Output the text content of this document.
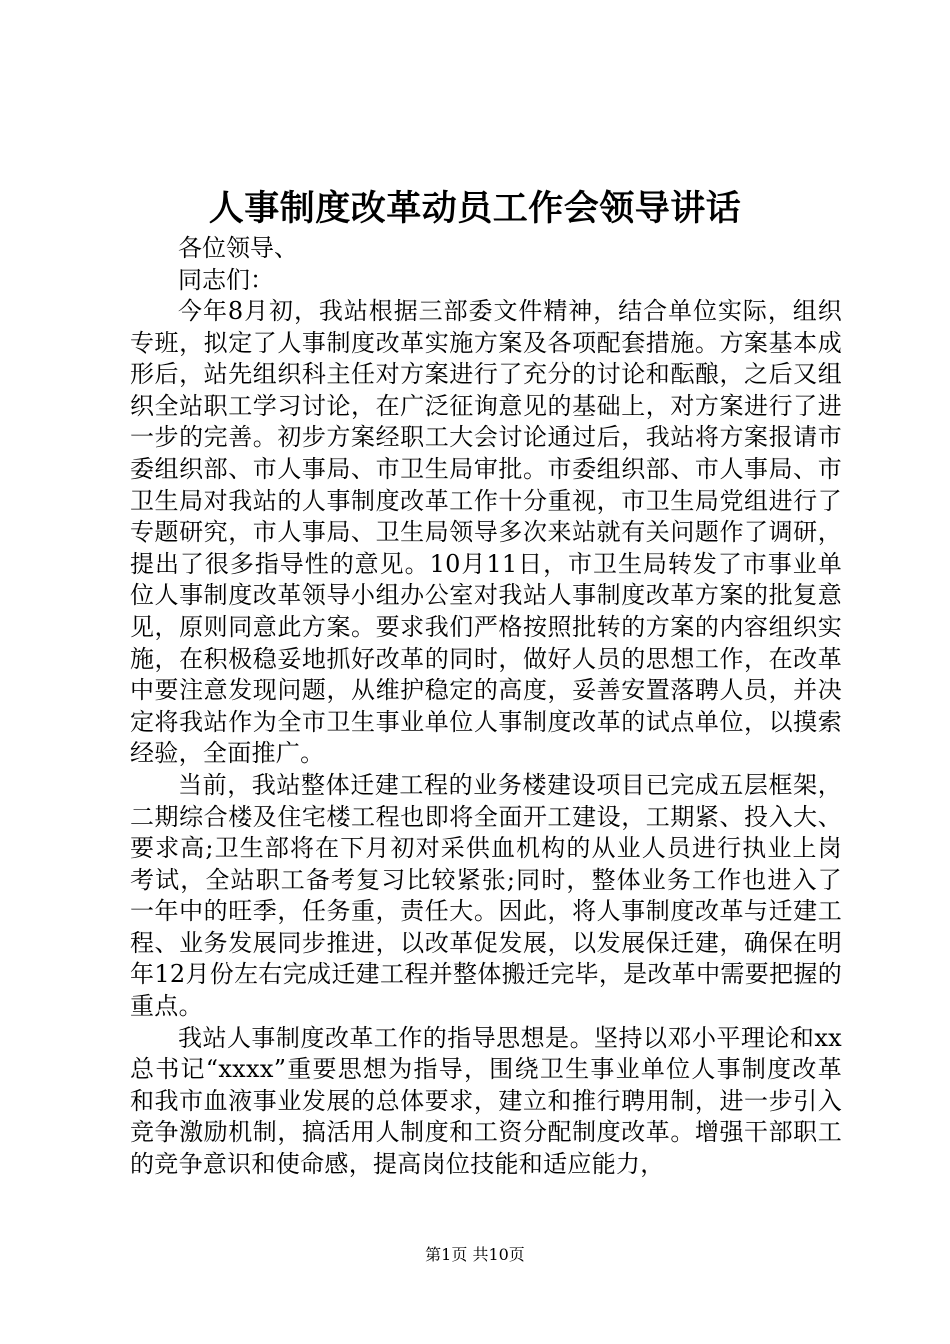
人事制度改革动员工作会领导讲话

各位领导、

同志们：

今年8月初，我站根据三部委文件精神，结合单位实际，组织专班，拟定了人事制度改革实施方案及各项配套措施。方案基本成形后，站先组织科主任对方案进行了充分的讨论和酝酿，之后又组织全站职工学习讨论，在广泛征询意见的基础上，对方案进行了进一步的完善。初步方案经职工大会讨论通过后，我站将方案报请市委组织部、市人事局、市卫生局审批。市委组织部、市人事局、市卫生局对我站的人事制度改革工作十分重视，市卫生局党组进行了专题研究，市人事局、卫生局领导多次来站就有关问题作了调研，提出了很多指导性的意见。10月11日，市卫生局转发了市事业单位人事制度改革领导小组办公室对我站人事制度改革方案的批复意见，原则同意此方案。要求我们严格按照批转的方案的内容组织实施，在积极稳妥地抓好改革的同时，做好人员的思想工作，在改革中要注意发现问题，从维护稳定的高度，妥善安置落聘人员，并决定将我站作为全市卫生事业单位人事制度改革的试点单位，以摸索经验，全面推广。

当前，我站整体迁建工程的业务楼建设项目已完成五层框架，二期综合楼及住宅楼工程也即将全面开工建设，工期紧、投入大、要求高;卫生部将在下月初对采供血机构的从业人员进行执业上岗考试，全站职工备考复习比较紧张;同时，整体业务工作也进入了一年中的旺季，任务重，责任大。因此，将人事制度改革与迁建工程、业务发展同步推进，以改革促发展，以发展保迁建，确保在明年12月份左右完成迁建工程并整体搬迁完毕，是改革中需要把握的重点。

我站人事制度改革工作的指导思想是。坚持以邓小平理论和xx总书记“xxxx”重要思想为指导，围绕卫生事业单位人事制度改革和我市血液事业发展的总体要求，建立和推行聘用制，进一步引入竞争激励机制，搞活用人制度和工资分配制度改革。增强干部职工的竞争意识和使命感，提高岗位技能和适应能力，

第1页 共10页
